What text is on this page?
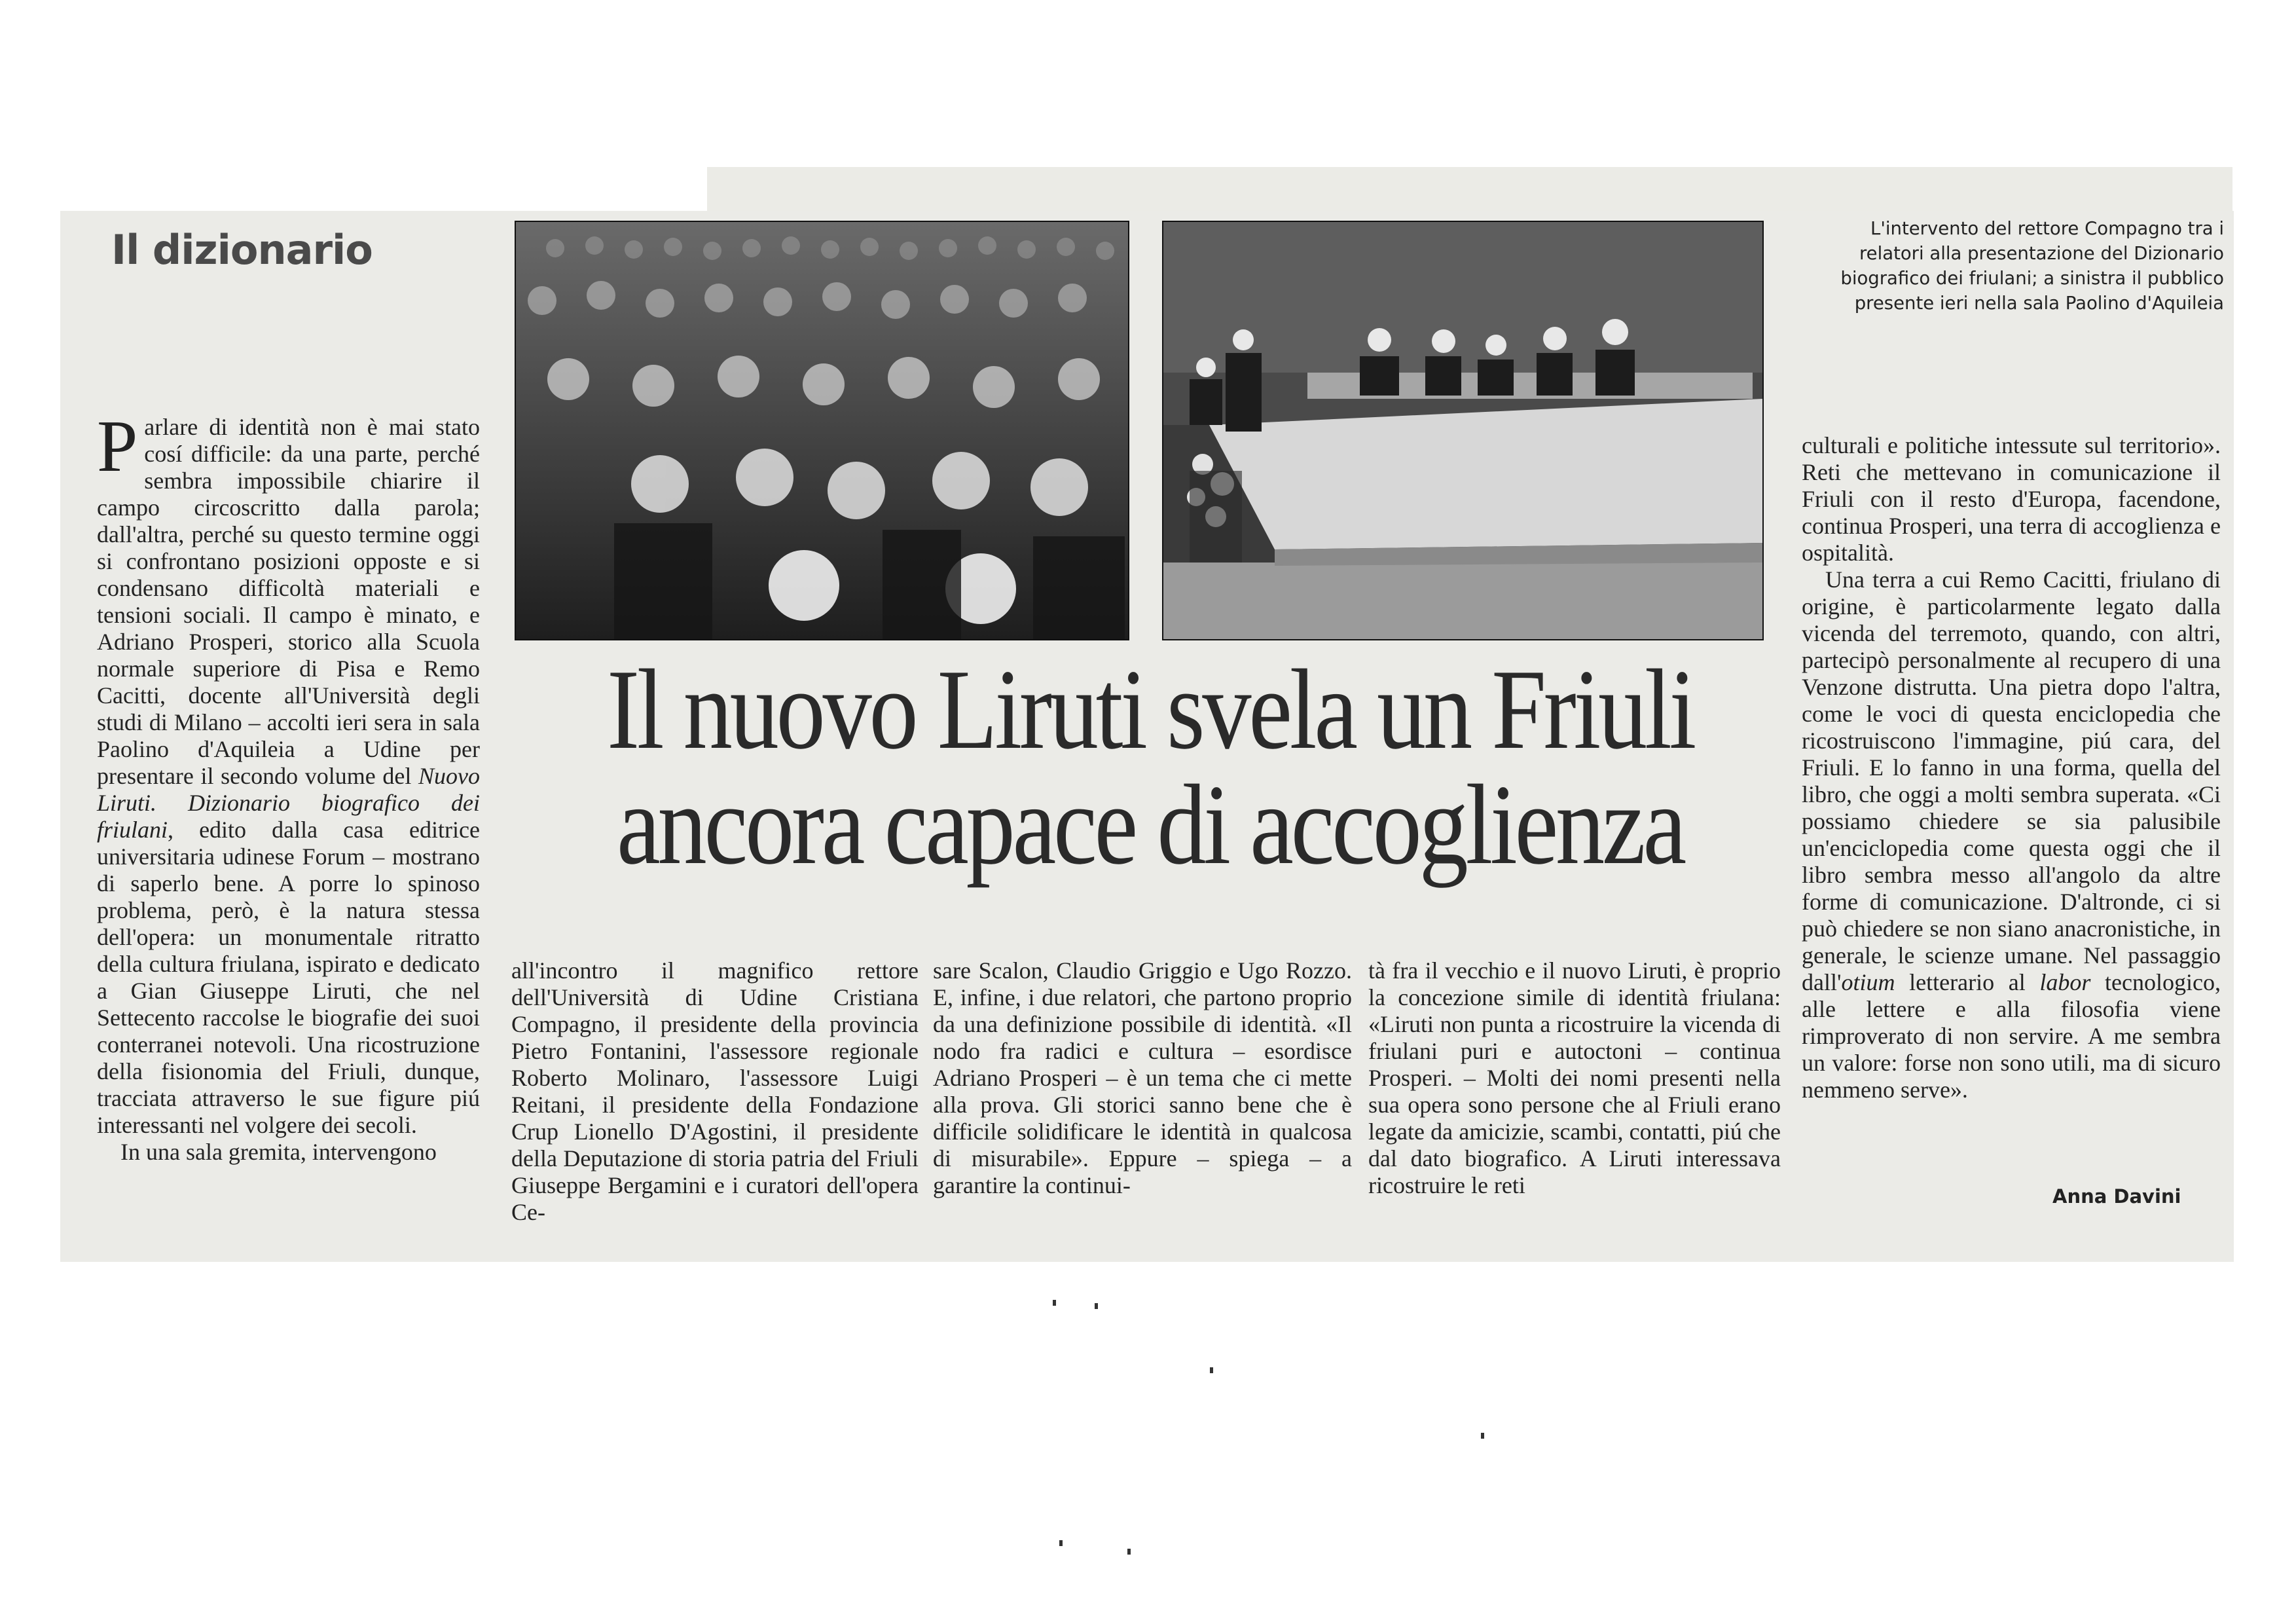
Il dizionario	L'intervento del rettore Compagno tra i relatori alla presentazione del Dizionario biografico dei friulani; a sinistra il pubblico presente ieri nella sala Paolino d'Aquileia
Il nuovo Liruti svela un Friuli
ancora capace di accoglienza

Parlare di identità non è mai stato cosí difficile: da una parte, perché sembra impossibile chiarire il campo circoscritto dalla parola; dall'altra, perché su questo termine oggi si confrontano posizioni opposte e si condensano difficoltà materiali e tensioni sociali. Il campo è minato, e Adriano Prosperi, storico alla Scuola normale superiore di Pisa e Remo Cacitti, docente all'Università degli studi di Milano – accolti ieri sera in sala Paolino d'Aquileia a Udine per presentare il secondo volume del Nuovo Liruti. Dizionario biografico dei friulani, edito dalla casa editrice universitaria udinese Forum – mostrano di saperlo bene. A porre lo spinoso problema, però, è la natura stessa dell'opera: un monumentale ritratto della cultura friulana, ispirato e dedicato a Gian Giuseppe Liruti, che nel Settecento raccolse le biografie dei suoi conterranei notevoli. Una ricostruzione della fisionomia del Friuli, dunque, tracciata attraverso le sue figure piú interessanti nel volgere dei secoli.

In una sala gremita, intervengono

all'incontro il magnifico rettore dell'Università di Udine Cristiana Compagno, il presidente della provincia Pietro Fontanini, l'assessore regionale Roberto Molinaro, l'assessore Luigi Reitani, il presidente della Fondazione Crup Lionello D'Agostini, il presidente della Deputazione di storia patria del Friuli Giuseppe Bergamini e i curatori dell'opera Ce-

sare Scalon, Claudio Griggio e Ugo Rozzo. E, infine, i due relatori, che partono proprio da una definizione possibile di identità. «Il nodo fra radici e cultura – esordisce Adriano Prosperi – è un tema che ci mette alla prova. Gli storici sanno bene che è difficile solidificare le identità in qualcosa di misurabile». Eppure – spiega – a garantire la continui-

tà fra il vecchio e il nuovo Liruti, è proprio la concezione simile di identità friulana: «Liruti non punta a ricostruire la vicenda di friulani puri e autoctoni – continua Prosperi. – Molti dei nomi presenti nella sua opera sono persone che al Friuli erano legate da amicizie, scambi, contatti, piú che dal dato biografico. A Liruti interessava ricostruire le reti

culturali e politiche intessute sul territorio». Reti che mettevano in comunicazione il Friuli con il resto d'Europa, facendone, continua Prosperi, una terra di accoglienza e ospitalità.

Una terra a cui Remo Cacitti, friulano di origine, è particolarmente legato dalla vicenda del terremoto, quando, con altri, partecipò personalmente al recupero di una Venzone distrutta. Una pietra dopo l'altra, come le voci di questa enciclopedia che ricostruiscono l'immagine, piú cara, del Friuli. E lo fanno in una forma, quella del libro, che oggi a molti sembra superata. «Ci possiamo chiedere se sia palusibile un'enciclopedia come questa oggi che il libro sembra messo all'angolo da altre forme di comunicazione. D'altronde, ci si può chiedere se non siano anacronistiche, in generale, le scienze umane. Nel passaggio dall'otium letterario al labor tecnologico, alle lettere e alla filosofia viene rimproverato di non servire. A me sembra un valore: forse non sono utili, ma di sicuro nemmeno serve».

Anna Davini
